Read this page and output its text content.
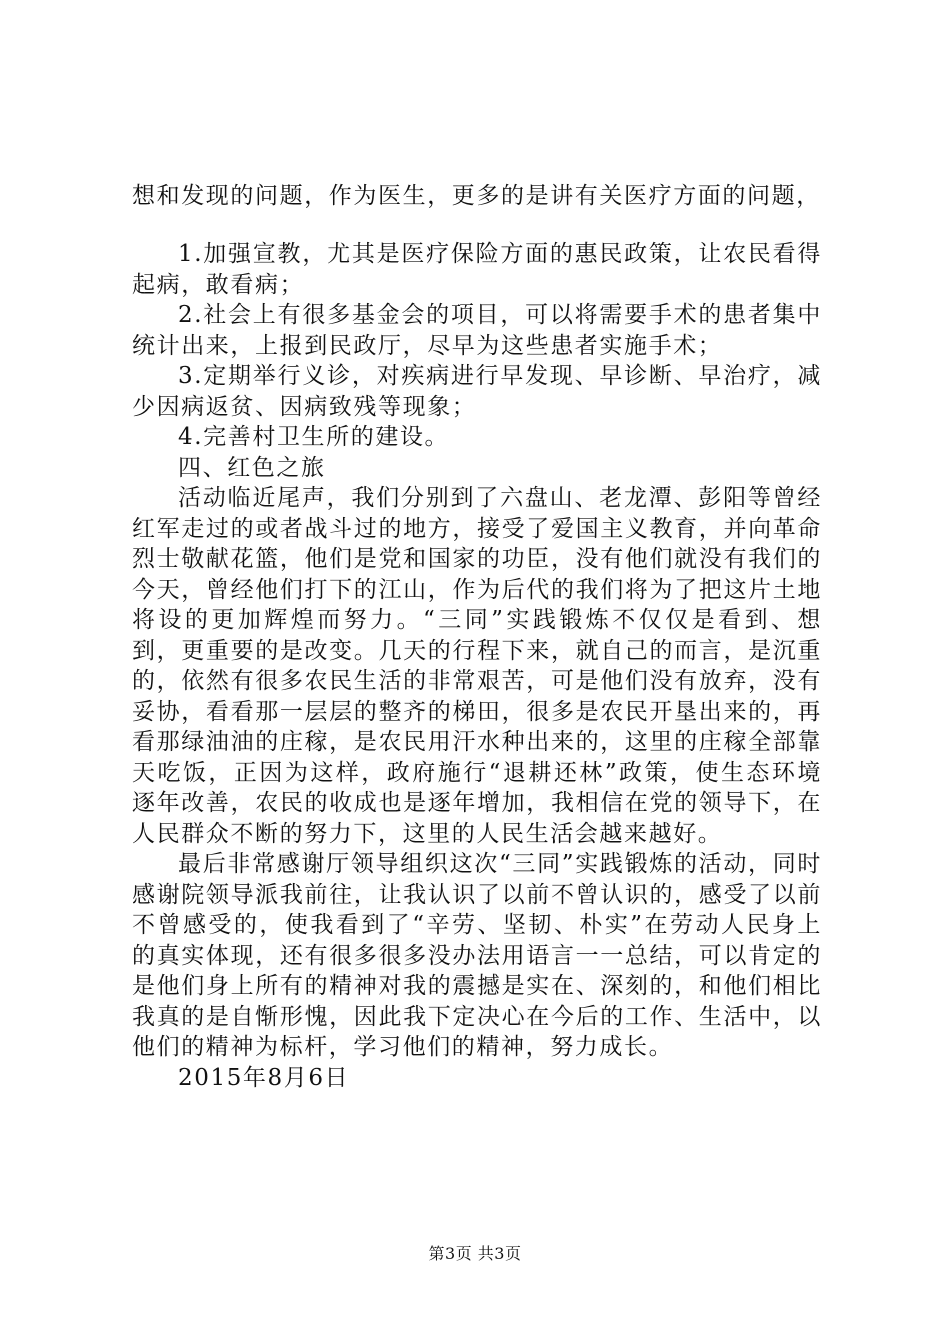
想和发现的问题，作为医生，更多的是讲有关医疗方面的问题，

1.加强宣教，尤其是医疗保险方面的惠民政策，让农民看得起病，敢看病；

2.社会上有很多基金会的项目，可以将需要手术的患者集中统计出来，上报到民政厅，尽早为这些患者实施手术；

3.定期举行义诊，对疾病进行早发现、早诊断、早治疗，减少因病返贫、因病致残等现象；

4.完善村卫生所的建设。

四、红色之旅

活动临近尾声，我们分别到了六盘山、老龙潭、彭阳等曾经红军走过的或者战斗过的地方，接受了爱国主义教育，并向革命烈士敬献花篮，他们是党和国家的功臣，没有他们就没有我们的今天，曾经他们打下的江山，作为后代的我们将为了把这片土地将设的更加辉煌而努力。“三同”实践锻炼不仅仅是看到、想到，更重要的是改变。几天的行程下来，就自己的而言，是沉重的，依然有很多农民生活的非常艰苦，可是他们没有放弃，没有妥协，看看那一层层的整齐的梯田，很多是农民开垦出来的，再看那绿油油的庄稼，是农民用汗水种出来的，这里的庄稼全部靠天吃饭，正因为这样，政府施行“退耕还林”政策，使生态环境逐年改善，农民的收成也是逐年增加，我相信在党的领导下，在人民群众不断的努力下，这里的人民生活会越来越好。

最后非常感谢厅领导组织这次“三同”实践锻炼的活动，同时感谢院领导派我前往，让我认识了以前不曾认识的，感受了以前不曾感受的，使我看到了“辛劳、坚韧、朴实”在劳动人民身上的真实体现，还有很多很多没办法用语言一一总结，可以肯定的是他们身上所有的精神对我的震撼是实在、深刻的，和他们相比我真的是自惭形愧，因此我下定决心在今后的工作、生活中，以他们的精神为标杆，学习他们的精神，努力成长。

2015年8月6日

第3页 共3页
